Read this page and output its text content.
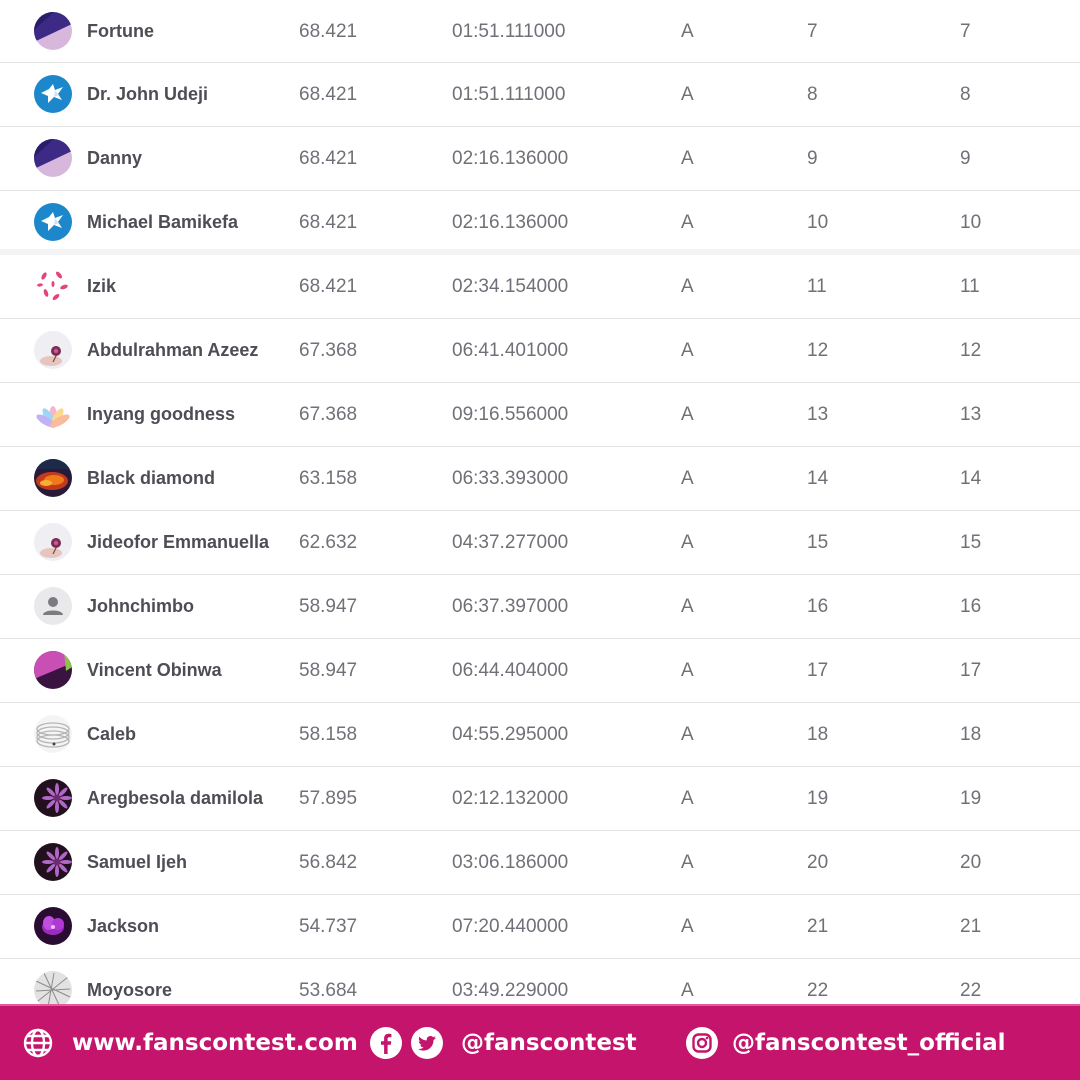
Fortune	68.421	01:51.111000	A	7	7
Dr. John Udeji	68.421	01:51.111000	A	8	8
Danny	68.421	02:16.136000	A	9	9
Michael Bamikefa	68.421	02:16.136000	A	10	10
Izik	68.421	02:34.154000	A	11	11
Abdulrahman Azeez 67.368	06:41.401000	A	12	12
Inyang goodness	67.368	09:16.556000	A	13	13
Black diamond	63.158	06:33.393000	A	14	14
Jideofor Emmanuella 62.632	04:37.277000	A	15	15
Johnchimbo	58.947	06:37.397000	A	16	16
Vincent Obinwa	58.947	06:44.404000	A	17	17
Caleb	58.158	04:55.295000	A	18	18
Aregbesola damilola 57.895	02:12.132000	A	19	19
Samuel Ijeh	56.842	03:06.186000	A	20	20
Jackson	54.737	07:20.440000	A	21	21
Moyosore	53.684	03:49.229000	A	22	22
www.fanscontest.com	@fanscontest	@fanscontest_official
